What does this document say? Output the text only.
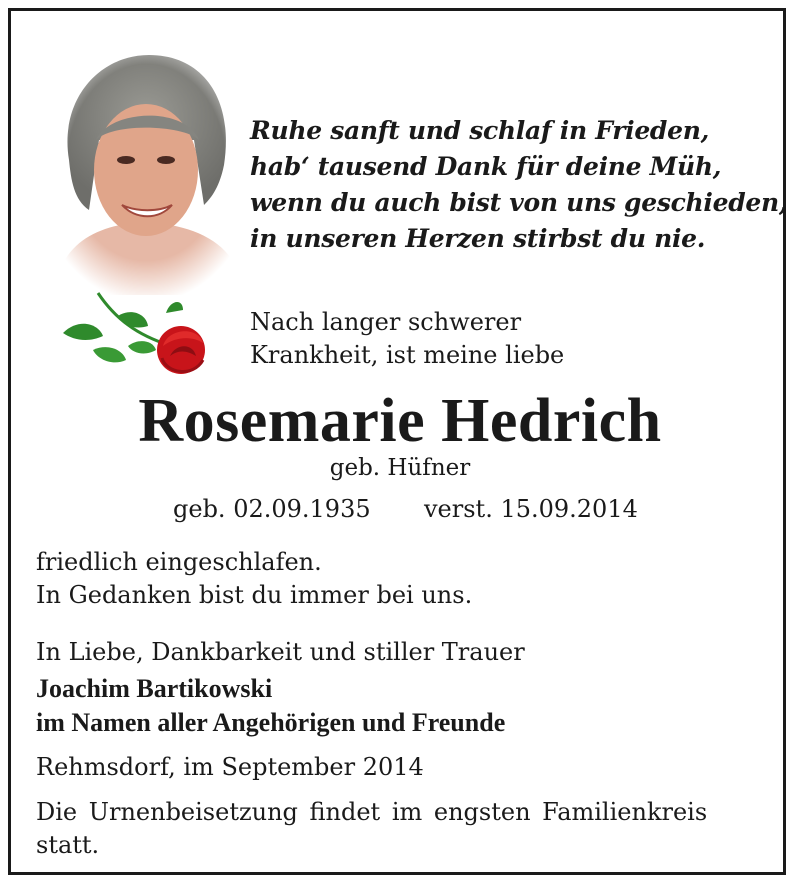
Ruhe sanft und schlaf in Frieden,
hab‘ tausend Dank für deine Müh,
wenn du auch bist von uns geschieden,
in unseren Herzen stirbst du nie.
Nach langer schwerer
Krankheit, ist meine liebe
Rosemarie Hedrich
geb. Hüfner
geb. 02.09.1935 verst. 15.09.2014
friedlich eingeschlafen.
In Gedanken bist du immer bei uns.
In Liebe, Dankbarkeit und stiller Trauer
Joachim Bartikowski
im Namen aller Angehörigen und Freunde
Rehmsdorf, im September 2014
Die Urnenbeisetzung findet im engsten Familienkreis
statt.
